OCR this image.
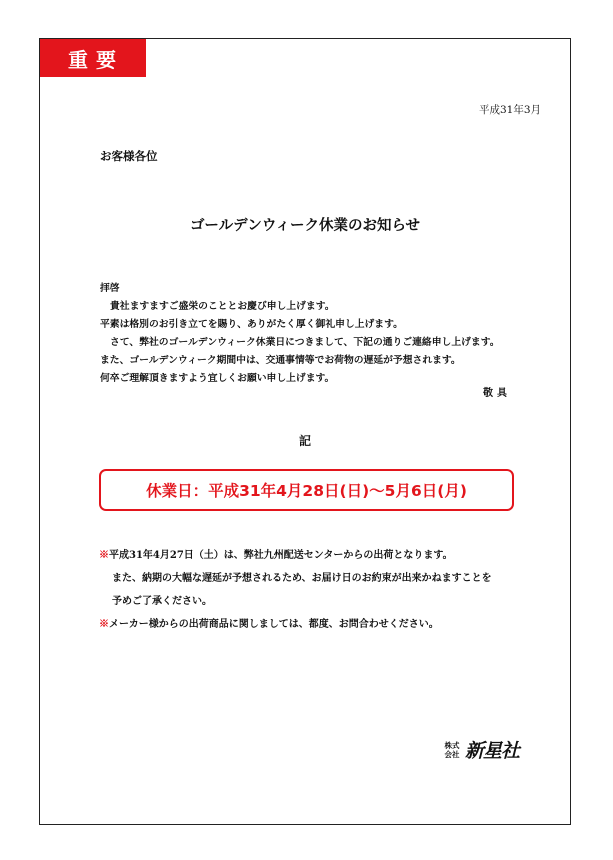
重要
平成31年3月
お客様各位
ゴールデンウィーク休業のお知らせ
拝啓
貴社ますますご盛栄のこととお慶び申し上げます。
平素は格別のお引き立てを賜り、ありがたく厚く御礼申し上げます。
さて、弊社のゴールデンウィーク休業日につきまして、下記の通りご連絡申し上げます。
また、ゴールデンウィーク期間中は、交通事情等でお荷物の遅延が予想されます。
何卒ご理解頂きますよう宜しくお願い申し上げます。
敬具
記
休業日：平成31年4月28日(日)〜5月6日(月)
※平成31年4月27日（土）は、弊社九州配送センターからの出荷となります。
また、納期の大幅な遅延が予想されるため、お届け日のお約束が出来かねますことを
予めご了承ください。
※メーカー様からの出荷商品に関しましては、都度、お問合わせください。
株式会社 新星社
